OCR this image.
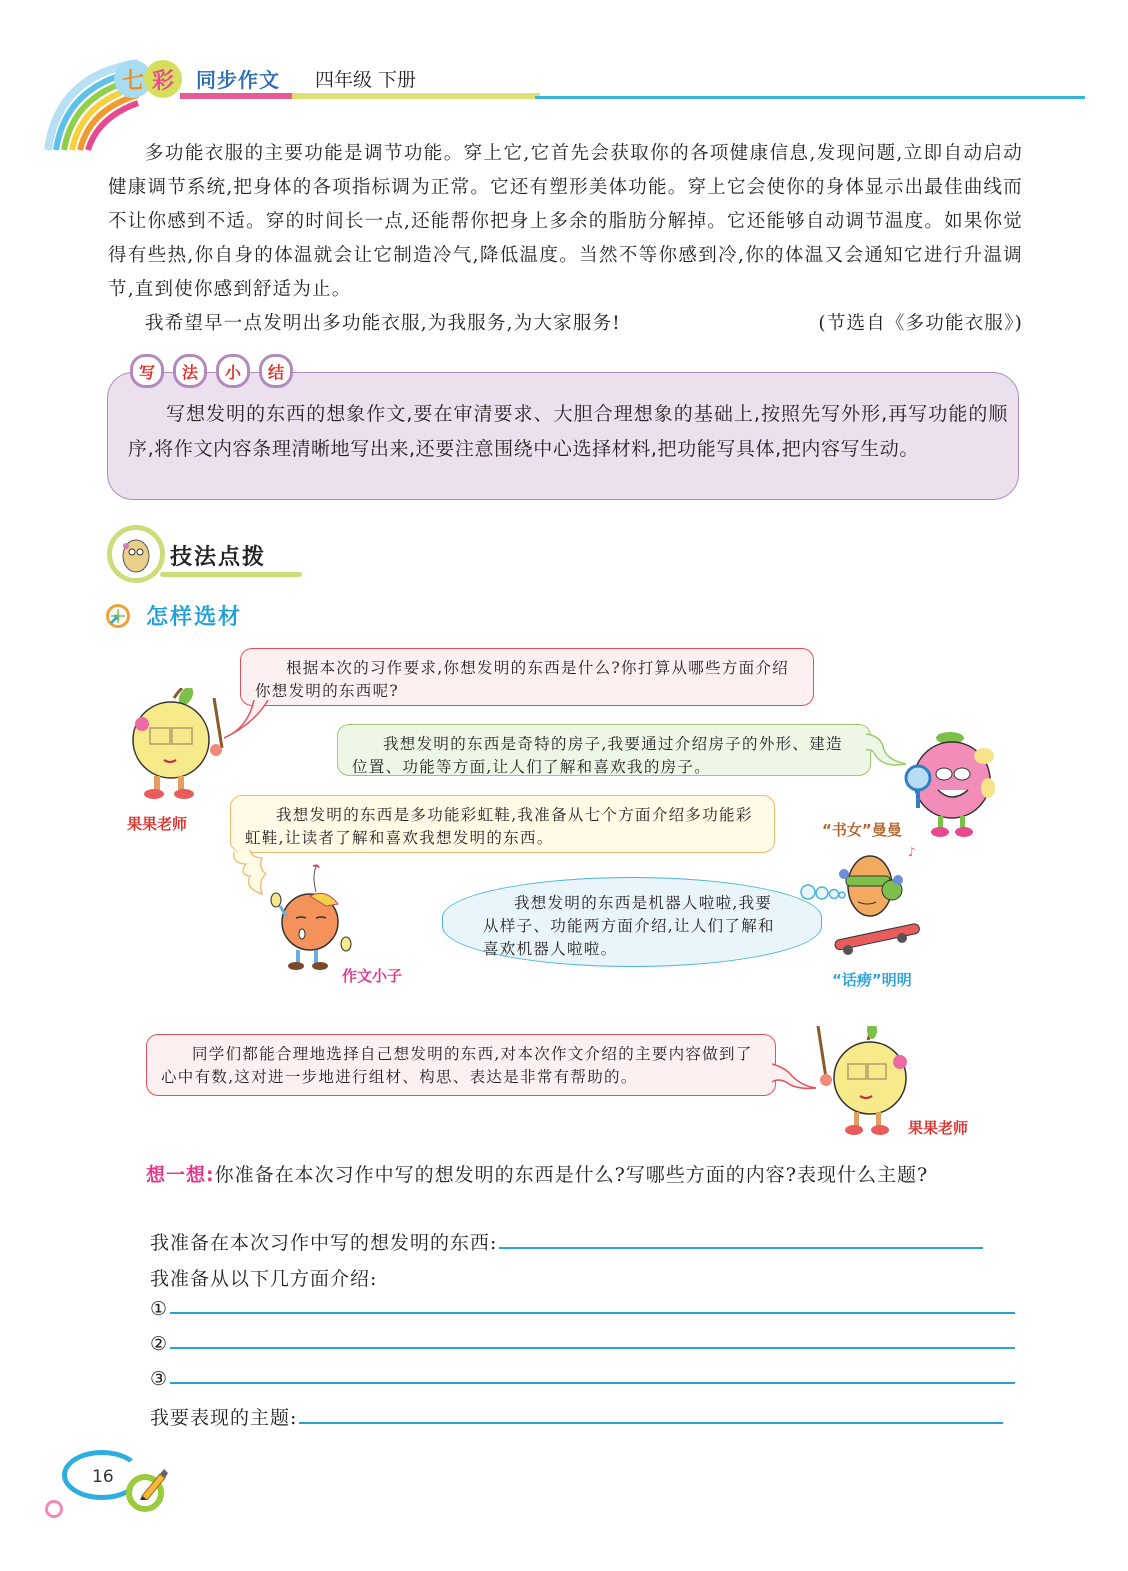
七 彩	同步作文 四年级 下册

多功能衣服的主要功能是调节功能。穿上它,它首先会获取你的各项健康信息,发现问题,立即自动启动健康调节系统,把身体的各项指标调为正常。它还有塑形美体功能。穿上它会使你的身体显示出最佳曲线而不让你感到不适。穿的时间长一点,还能帮你把身上多余的脂肪分解掉。它还能够自动调节温度。如果你觉得有些热,你自身的体温就会让它制造冷气,降低温度。当然不等你感到冷,你的体温又会通知它进行升温调节,直到使你感到舒适为止。

我希望早一点发明出多功能衣服,为我服务,为大家服务!	(节选自《多功能衣服》)
写	法	小	结

写想发明的东西的想象作文,要在审清要求、大胆合理想象的基础上,按照先写外形,再写功能的顺序,将作文内容条理清晰地写出来,还要注意围绕中心选择材料,把功能写具体,把内容写生动。

技法点拨
怎样选材
果果老师

根据本次的习作要求,你想发明的东西是什么?你打算从哪些方面介绍你想发明的东西呢?

我想发明的东西是奇特的房子,我要通过介绍房子的外形、建造位置、功能等方面,让人们了解和喜欢我的房子。

“书女”曼曼

我想发明的东西是多功能彩虹鞋,我准备从七个方面介绍多功能彩虹鞋,让读者了解和喜欢我想发明的东西。

作文小子

我想发明的东西是机器人啦啦,我要从样子、功能两方面介绍,让人们了解和喜欢机器人啦啦。

♪
“话痨”明明

同学们都能合理地选择自己想发明的东西,对本次作文介绍的主要内容做到了心中有数,这对进一步地进行组材、构思、表达是非常有帮助的。

果果老师
想一想:你准备在本次习作中写的想发明的东西是什么?写哪些方面的内容?表现什么主题?
我准备在本次习作中写的想发明的东西:
我准备从以下几方面介绍:
①
②
③
我要表现的主题:
16
